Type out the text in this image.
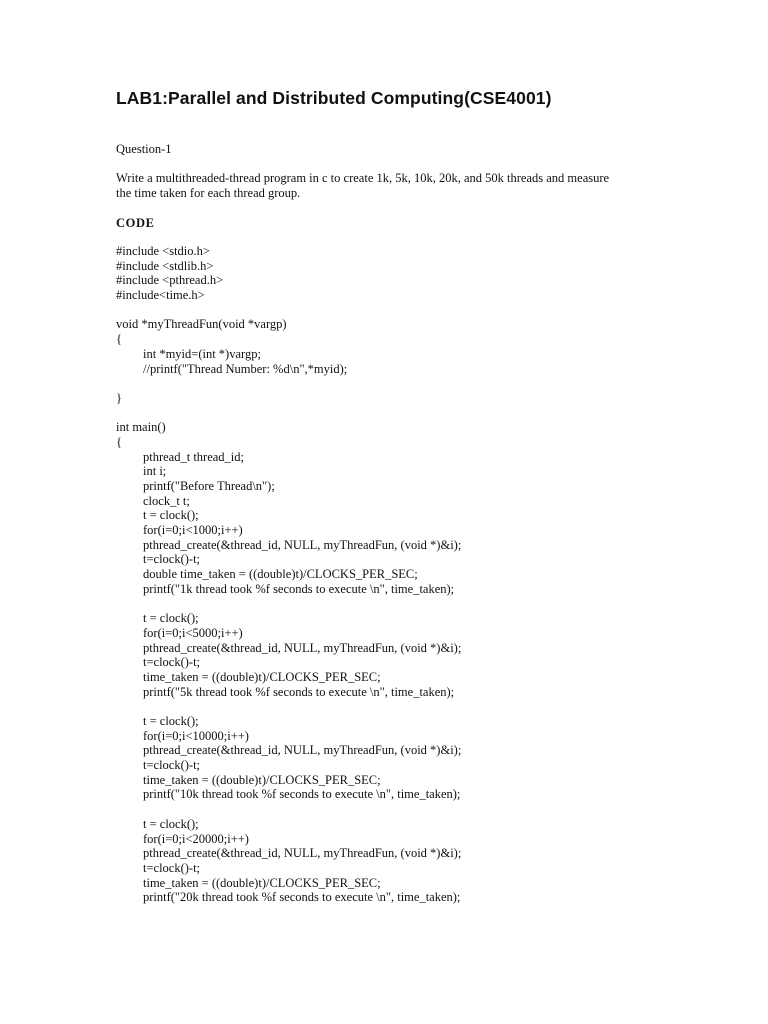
LAB1:Parallel and Distributed Computing(CSE4001)
Question-1
Write a multithreaded-thread program in c to create 1k, 5k, 10k, 20k, and 50k threads and measure
the time taken for each thread group.
CODE
#include <stdio.h>
#include <stdlib.h>
#include <pthread.h>
#include<time.h>
void *myThreadFun(void *vargp)
{
int *myid=(int *)vargp;
//printf("Thread Number: %d\n",*myid);
}
int main()
{
pthread_t thread_id;
int i;
printf("Before Thread\n");
clock_t t;
t = clock();
for(i=0;i<1000;i++)
pthread_create(&thread_id, NULL, myThreadFun, (void *)&i);
t=clock()-t;
double time_taken = ((double)t)/CLOCKS_PER_SEC;
printf("1k thread took %f seconds to execute \n", time_taken);
t = clock();
for(i=0;i<5000;i++)
pthread_create(&thread_id, NULL, myThreadFun, (void *)&i);
t=clock()-t;
time_taken = ((double)t)/CLOCKS_PER_SEC;
printf("5k thread took %f seconds to execute \n", time_taken);
t = clock();
for(i=0;i<10000;i++)
pthread_create(&thread_id, NULL, myThreadFun, (void *)&i);
t=clock()-t;
time_taken = ((double)t)/CLOCKS_PER_SEC;
printf("10k thread took %f seconds to execute \n", time_taken);
t = clock();
for(i=0;i<20000;i++)
pthread_create(&thread_id, NULL, myThreadFun, (void *)&i);
t=clock()-t;
time_taken = ((double)t)/CLOCKS_PER_SEC;
printf("20k thread took %f seconds to execute \n", time_taken);
